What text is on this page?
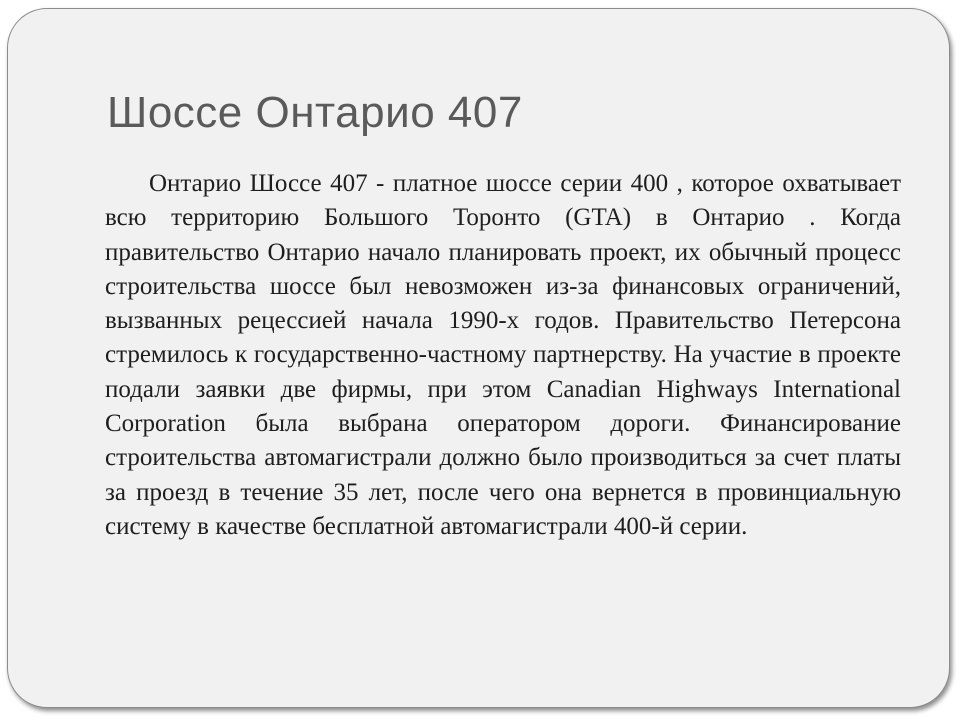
Шоссе Онтарио 407

Онтарио Шоссе 407 - платное шоссе серии 400 , которое охватывает всю территорию Большого Торонто (GTA) в Онтарио . Когда правительство Онтарио начало планировать проект, их обычный процесс строительства шоссе был невозможен из-за финансовых ограничений, вызванных рецессией начала 1990-х годов. Правительство Петерсона стремилось к государственно-частному партнерству. На участие в проекте подали заявки две фирмы, при этом Canadian Highways International Corporation была выбрана оператором дороги. Финансирование строительства автомагистрали должно было производиться за счет платы за проезд в течение 35 лет, после чего она вернется в провинциальную систему в качестве бесплатной автомагистрали 400-й серии.
